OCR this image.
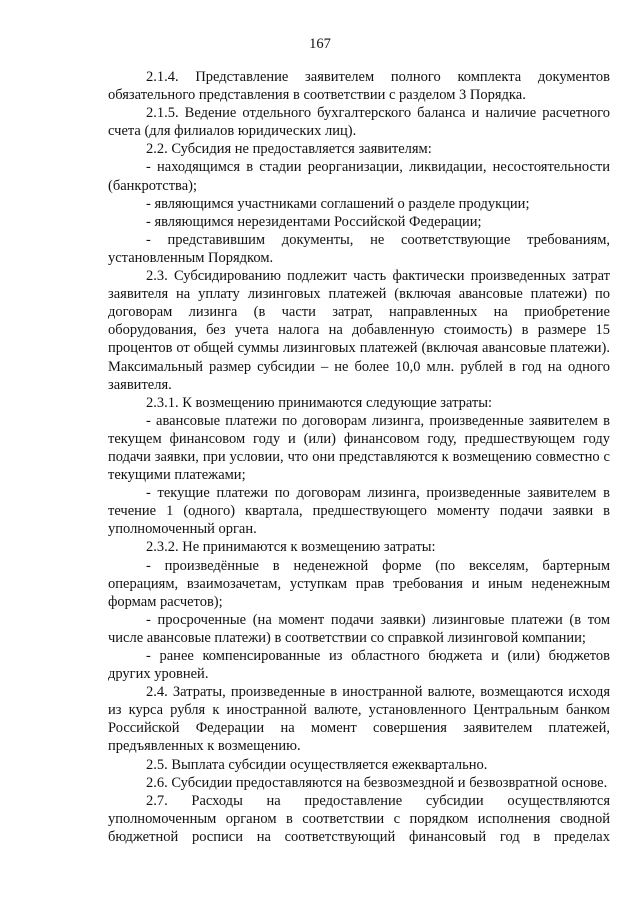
167

2.1.4. Представление заявителем полного комплекта документов обязательного представления в соответствии с разделом 3 Порядка.

2.1.5. Ведение отдельного бухгалтерского баланса и наличие расчетного счета (для филиалов юридических лиц).

2.2. Субсидия не предоставляется заявителям:

- находящимся в стадии реорганизации, ликвидации, несостоятельности (банкротства);

- являющимся участниками соглашений о разделе продукции;

- являющимся нерезидентами Российской Федерации;

- представившим документы, не соответствующие требованиям, установленным Порядком.

2.3. Субсидированию подлежит часть фактически произведенных затрат заявителя на уплату лизинговых платежей (включая авансовые платежи) по договорам лизинга (в части затрат, направленных на приобретение оборудования, без учета налога на добавленную стоимость) в размере 15 процентов от общей суммы лизинговых платежей (включая авансовые платежи). Максимальный размер субсидии – не более 10,0 млн. рублей в год на одного заявителя.

2.3.1. К возмещению принимаются следующие затраты:

- авансовые платежи по договорам лизинга, произведенные заявителем в текущем финансовом году и (или) финансовом году, предшествующем году подачи заявки, при условии, что они представляются к возмещению совместно с текущими платежами;

- текущие платежи по договорам лизинга, произведенные заявителем в течение 1 (одного) квартала, предшествующего моменту подачи заявки в уполномоченный орган.

2.3.2. Не принимаются к возмещению затраты:

- произведённые в неденежной форме (по векселям, бартерным операциям, взаимозачетам, уступкам прав требования и иным неденежным формам расчетов);

- просроченные (на момент подачи заявки) лизинговые платежи (в том числе авансовые платежи) в соответствии со справкой лизинговой компании;

- ранее компенсированные из областного бюджета и (или) бюджетов других уровней.

2.4. Затраты, произведенные в иностранной валюте, возмещаются исходя из курса рубля к иностранной валюте, установленного Центральным банком Российской Федерации на момент совершения заявителем платежей, предъявленных к возмещению.

2.5. Выплата субсидии осуществляется ежеквартально.

2.6. Субсидии предоставляются на безвозмездной и безвозвратной основе.

2.7. Расходы на предоставление субсидии осуществляются уполномоченным органом в соответствии с порядком исполнения сводной бюджетной росписи на соответствующий финансовый год в пределах
